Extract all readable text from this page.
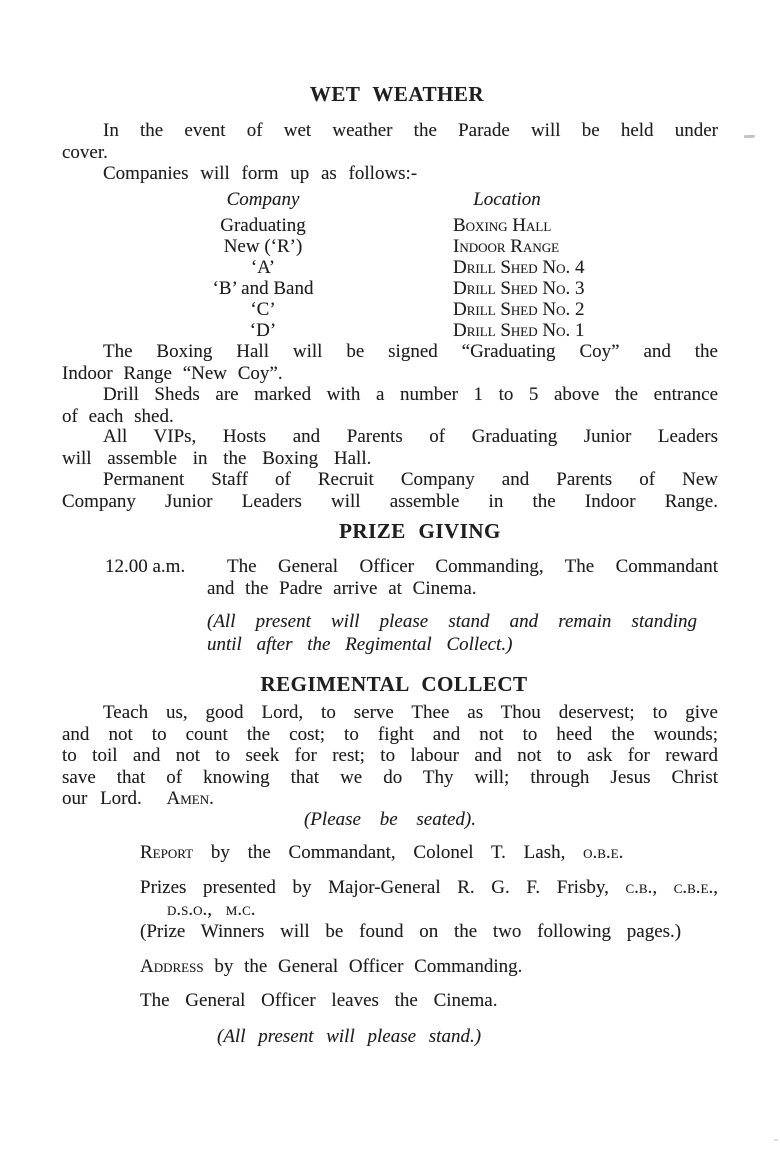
WET WEATHER
In the event of wet weather the Parade will be held under
cover.
Companies will form up as follows:-
Company	Location
Graduating	Boxing Hall
New (‘R’)	Indoor Range
‘A’	Drill Shed No. 4
‘B’ and Band	Drill Shed No. 3
‘C’	Drill Shed No. 2
‘D’	Drill Shed No. 1
The Boxing Hall will be signed “Graduating Coy” and the
Indoor Range “New Coy”.
Drill Sheds are marked with a number 1 to 5 above the entrance
of each shed.
All VIPs, Hosts and Parents of Graduating Junior Leaders
will assemble in the Boxing Hall.
Permanent Staff of Recruit Company and Parents of New
Company Junior Leaders will assemble in the Indoor Range.
PRIZE GIVING
12.00 a.m.	The General Officer Commanding, The Commandant
and the Padre arrive at Cinema.
(All present will please stand and remain standing
until after the Regimental Collect.)
REGIMENTAL COLLECT
Teach us, good Lord, to serve Thee as Thou deservest; to give
and not to count the cost; to fight and not to heed the wounds;
to toil and not to seek for rest; to labour and not to ask for reward
save that of knowing that we do Thy will; through Jesus Christ
our Lord. Amen.
(Please be seated).
Report by the Commandant, Colonel T. Lash, o.b.e.
Prizes presented by Major-General R. G. F. Frisby, c.b., c.b.e.,
d.s.o., m.c.
(Prize Winners will be found on the two following pages.)
Address by the General Officer Commanding.
The General Officer leaves the Cinema.
(All present will please stand.)
